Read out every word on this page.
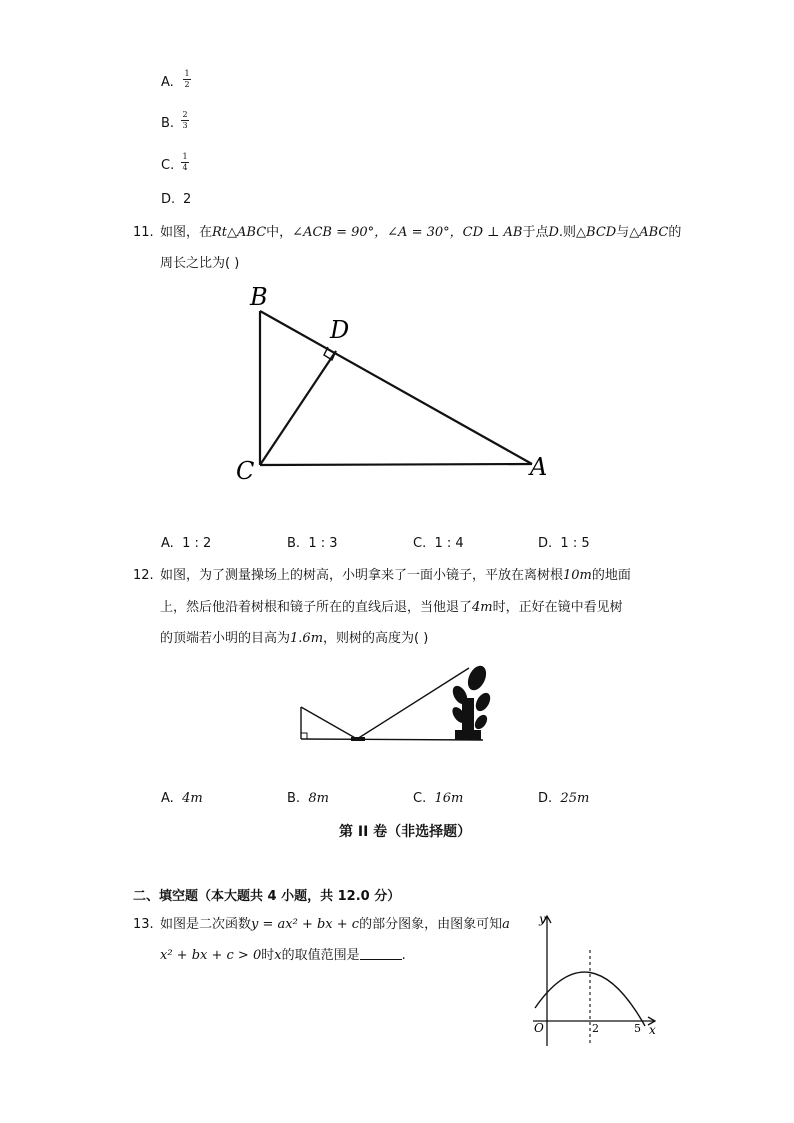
A. $\frac{1}{2}$
B. $\frac{2}{3}$
C. $\frac{1}{4}$
D. 2
11. 如图，在Rt△ABC中，∠ACB = 90°，∠A = 30°，CD ⊥ AB于点D.则△BCD与△ABC的
周长之比为( )
B
D
C	A
A. 1 : 2	B. 1 : 3	C. 1 : 4	D. 1 : 5
12. 如图，为了测量操场上的树高，小明拿来了一面小镜子，平放在离树根10m的地面
上，然后他沿着树根和镜子所在的直线后退，当他退了4m时，正好在镜中看见树
的顶端若小明的目高为1.6m，则树的高度为( )
A. 4m	B. 8m	C. 16m	D. 25m
第 II 卷（非选择题）
二、填空题（本大题共 4 小题，共 12.0 分）
13. 如图是二次函数y = ax² + bx + c的部分图象，由图象可知a
x² + bx + c > 0时x的取值范围是	.
y
x
O	2	5
